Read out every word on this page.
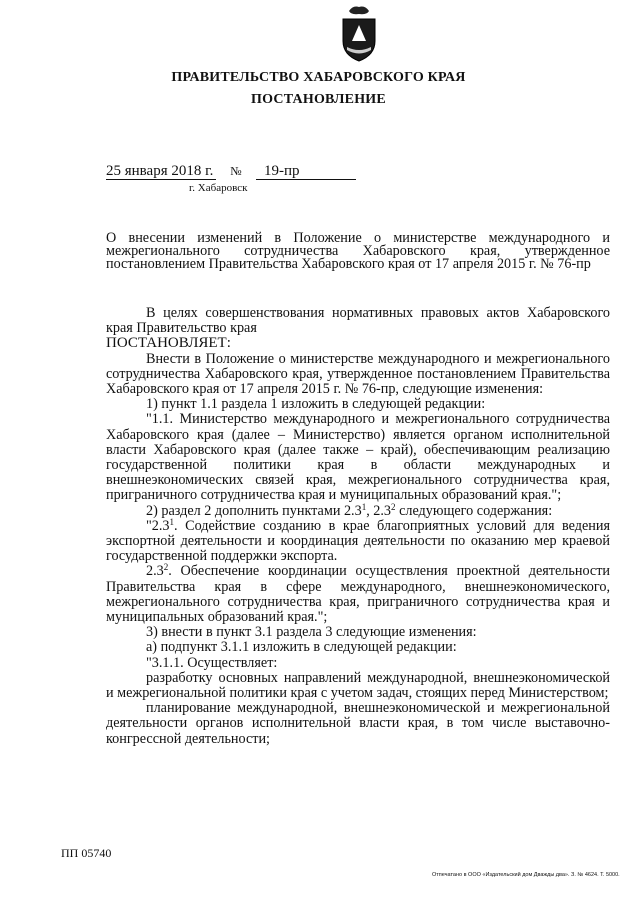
ПРАВИТЕЛЬСТВО ХАБАРОВСКОГО КРАЯ
ПОСТАНОВЛЕНИЕ
25 января 2018 г. № 19-пр
г. Хабаровск
О внесении изменений в Положение о министерстве международного и межрегионального сотрудничества Хабаровского края, утвержденное постановлением Правительства Хабаровского края от 17 апреля 2015 г. № 76-пр

В целях совершенствования нормативных правовых актов Хабаровского края Правительство края

ПОСТАНОВЛЯЕТ:

Внести в Положение о министерстве международного и межрегионального сотрудничества Хабаровского края, утвержденное постановлением Правительства Хабаровского края от 17 апреля 2015 г. № 76-пр, следующие изменения:

1) пункт 1.1 раздела 1 изложить в следующей редакции:

"1.1. Министерство международного и межрегионального сотрудничества Хабаровского края (далее – Министерство) является органом исполнительной власти Хабаровского края (далее также – край), обеспечивающим реализацию государственной политики края в области международных и внешнеэкономических связей края, межрегионального сотрудничества края, приграничного сотрудничества края и муниципальных образований края.";

2) раздел 2 дополнить пунктами $2.3^1$, $2.3^2$ следующего содержания:

"$2.3^1$. Содействие созданию в крае благоприятных условий для ведения экспортной деятельности и координация деятельности по оказанию мер краевой государственной поддержки экспорта.

$2.3^2$. Обеспечение координации осуществления проектной деятельности Правительства края в сфере международного, внешнеэкономического, межрегионального сотрудничества края, приграничного сотрудничества края и муниципальных образований края.";

3) внести в пункт 3.1 раздела 3 следующие изменения:

а) подпункт 3.1.1 изложить в следующей редакции:

"3.1.1. Осуществляет:

разработку основных направлений международной, внешнеэкономической и межрегиональной политики края с учетом задач, стоящих перед Министерством;

планирование международной, внешнеэкономической и межрегиональной деятельности органов исполнительной власти края, в том числе выставочно-конгрессной деятельности;

ПП 05740
Отпечатано в ООО «Издательский дом Дважды два». З. № 4624. Т. 5000.
